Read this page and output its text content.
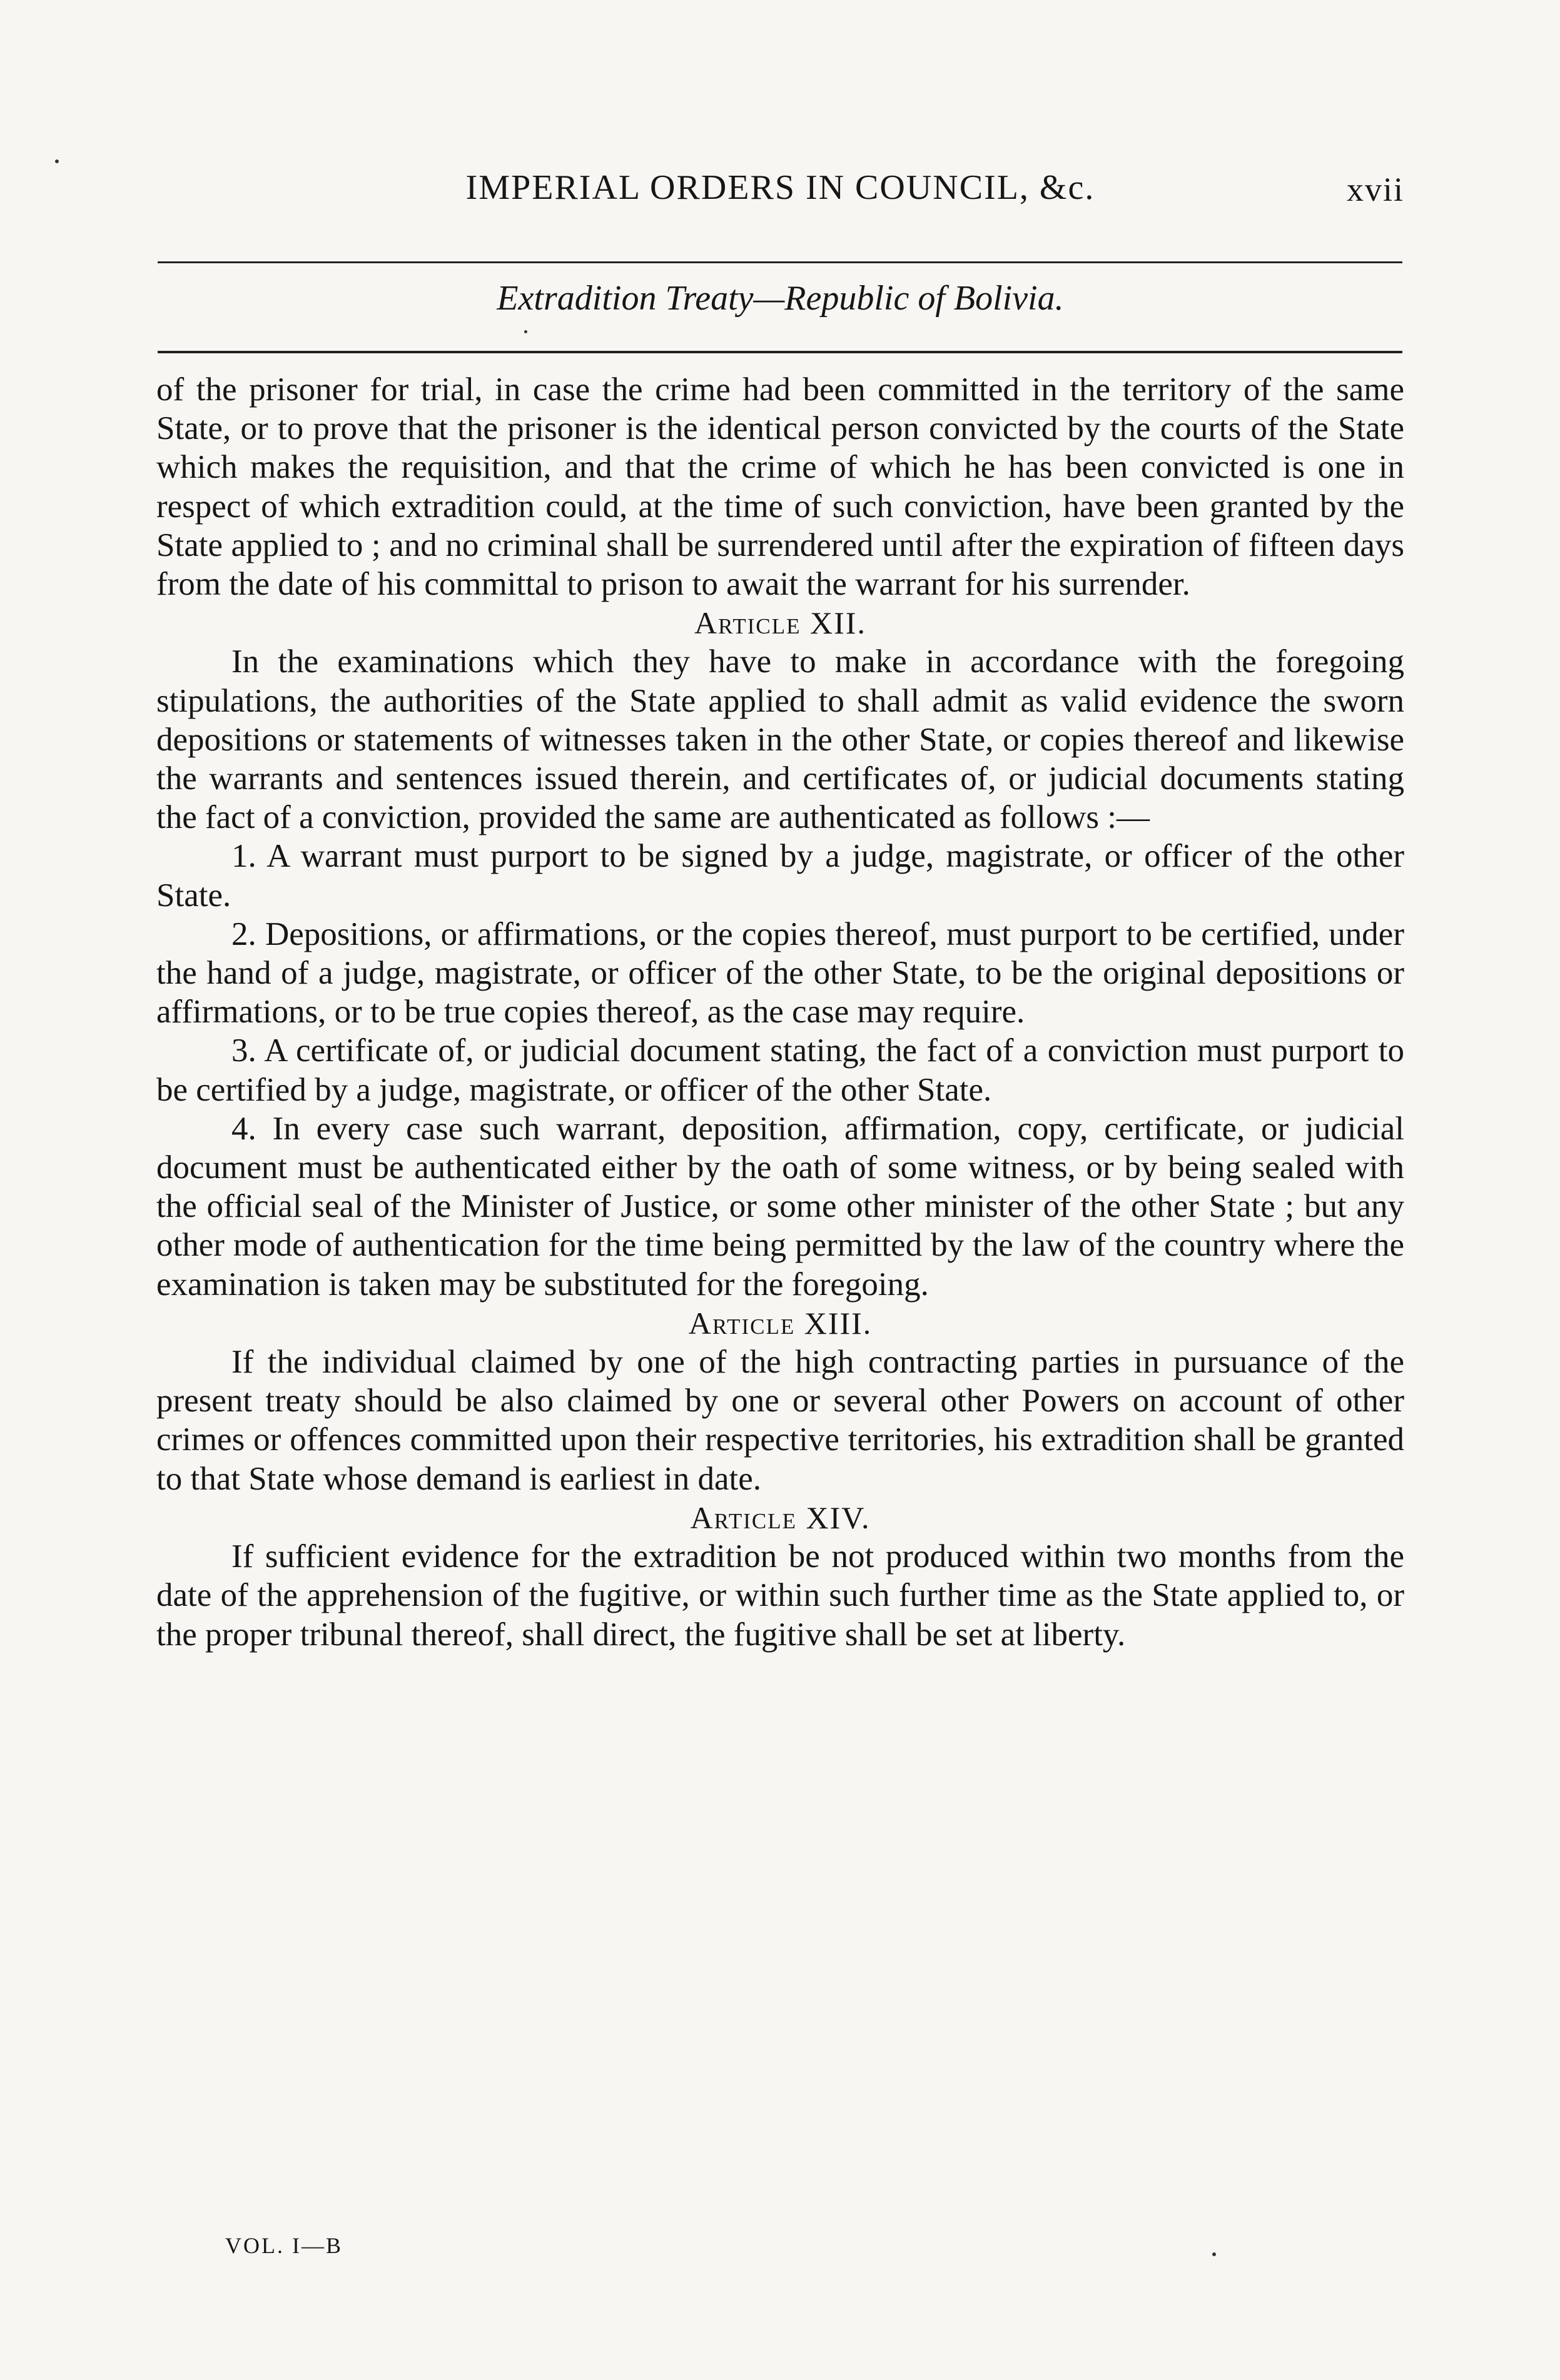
IMPERIAL ORDERS IN COUNCIL, &c.	xvii
Extradition Treaty—Republic of Bolivia.

of the prisoner for trial, in case the crime had been committed in the territory of the same State, or to prove that the prisoner is the identical person convicted by the courts of the State which makes the requisition, and that the crime of which he has been convicted is one in respect of which extradition could, at the time of such conviction, have been granted by the State applied to ; and no criminal shall be surrendered until after the expiration of fifteen days from the date of his committal to prison to await the warrant for his surrender.

Article XII.

In the examinations which they have to make in accordance with the foregoing stipulations, the authorities of the State applied to shall admit as valid evidence the sworn depositions or statements of witnesses taken in the other State, or copies thereof and likewise the warrants and sentences issued therein, and certificates of, or judicial documents stating the fact of a conviction, provided the same are authenticated as follows :—

1. A warrant must purport to be signed by a judge, magistrate, or officer of the other State.

2. Depositions, or affirmations, or the copies thereof, must purport to be certified, under the hand of a judge, magistrate, or officer of the other State, to be the original depositions or affirmations, or to be true copies thereof, as the case may require.

3. A certificate of, or judicial document stating, the fact of a conviction must purport to be certified by a judge, magistrate, or officer of the other State.

4. In every case such warrant, deposition, affirmation, copy, certificate, or judicial document must be authenticated either by the oath of some witness, or by being sealed with the official seal of the Minister of Justice, or some other minister of the other State ; but any other mode of authentication for the time being permitted by the law of the country where the examination is taken may be substituted for the foregoing.

Article XIII.

If the individual claimed by one of the high contracting parties in pursuance of the present treaty should be also claimed by one or several other Powers on account of other crimes or offences committed upon their respective territories, his extradition shall be granted to that State whose demand is earliest in date.

Article XIV.

If sufficient evidence for the extradition be not produced within two months from the date of the apprehension of the fugitive, or within such further time as the State applied to, or the proper tribunal thereof, shall direct, the fugitive shall be set at liberty.

VOL. I—B
